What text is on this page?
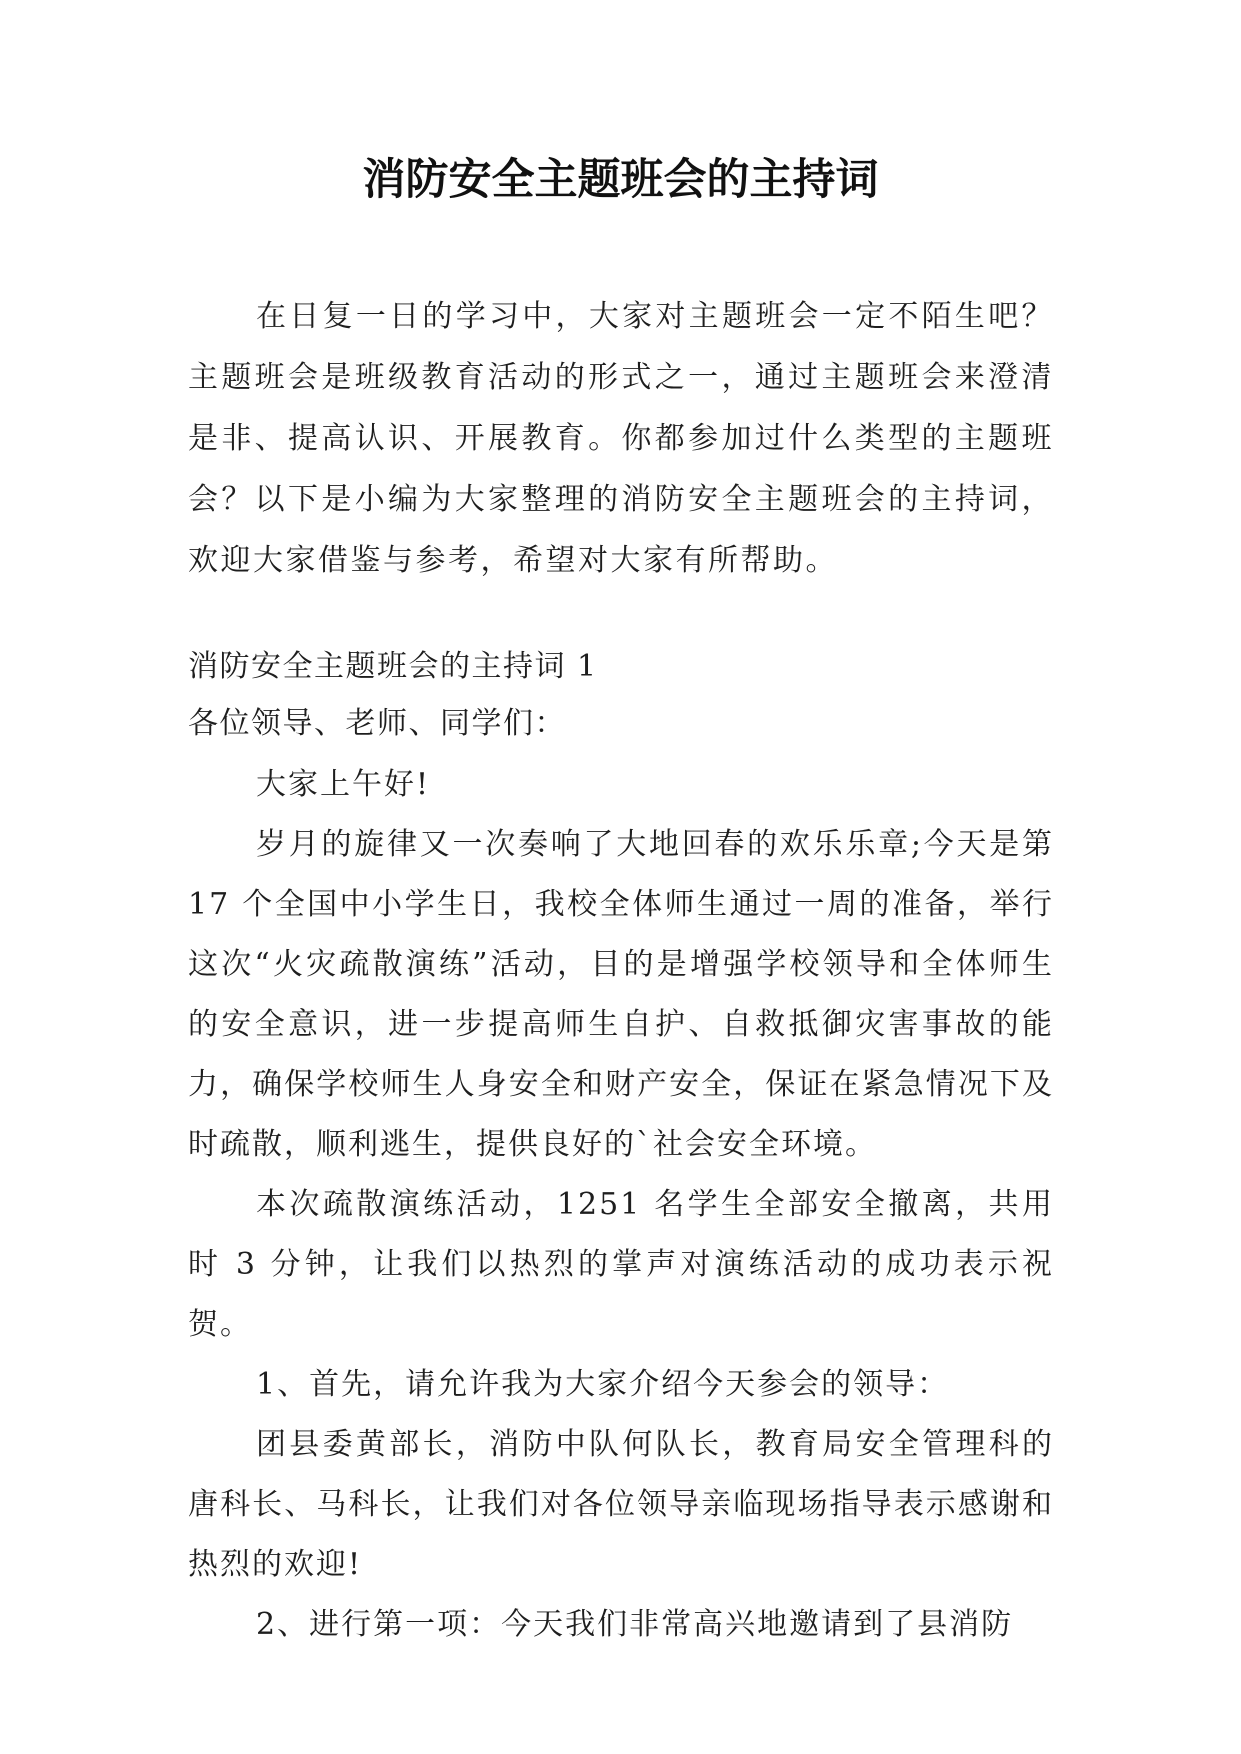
消防安全主题班会的主持词

在日复一日的学习中，大家对主题班会一定不陌生吧？主题班会是班级教育活动的形式之一，通过主题班会来澄清是非、提高认识、开展教育。你都参加过什么类型的主题班会？以下是小编为大家整理的消防安全主题班会的主持词，欢迎大家借鉴与参考，希望对大家有所帮助。

消防安全主题班会的主持词 1

各位领导、老师、同学们：

大家上午好!

岁月的旋律又一次奏响了大地回春的欢乐乐章;今天是第 17 个全国中小学生日，我校全体师生通过一周的准备，举行这次“火灾疏散演练”活动，目的是增强学校领导和全体师生的安全意识，进一步提高师生自护、自救抵御灾害事故的能力，确保学校师生人身安全和财产安全，保证在紧急情况下及时疏散，顺利逃生，提供良好的`社会安全环境。

本次疏散演练活动，1251 名学生全部安全撤离，共用时 3 分钟，让我们以热烈的掌声对演练活动的成功表示祝贺。

1、首先，请允许我为大家介绍今天参会的领导：

团县委黄部长，消防中队何队长，教育局安全管理科的唐科长、马科长，让我们对各位领导亲临现场指导表示感谢和热烈的欢迎!

2、进行第一项：今天我们非常高兴地邀请到了县消防
